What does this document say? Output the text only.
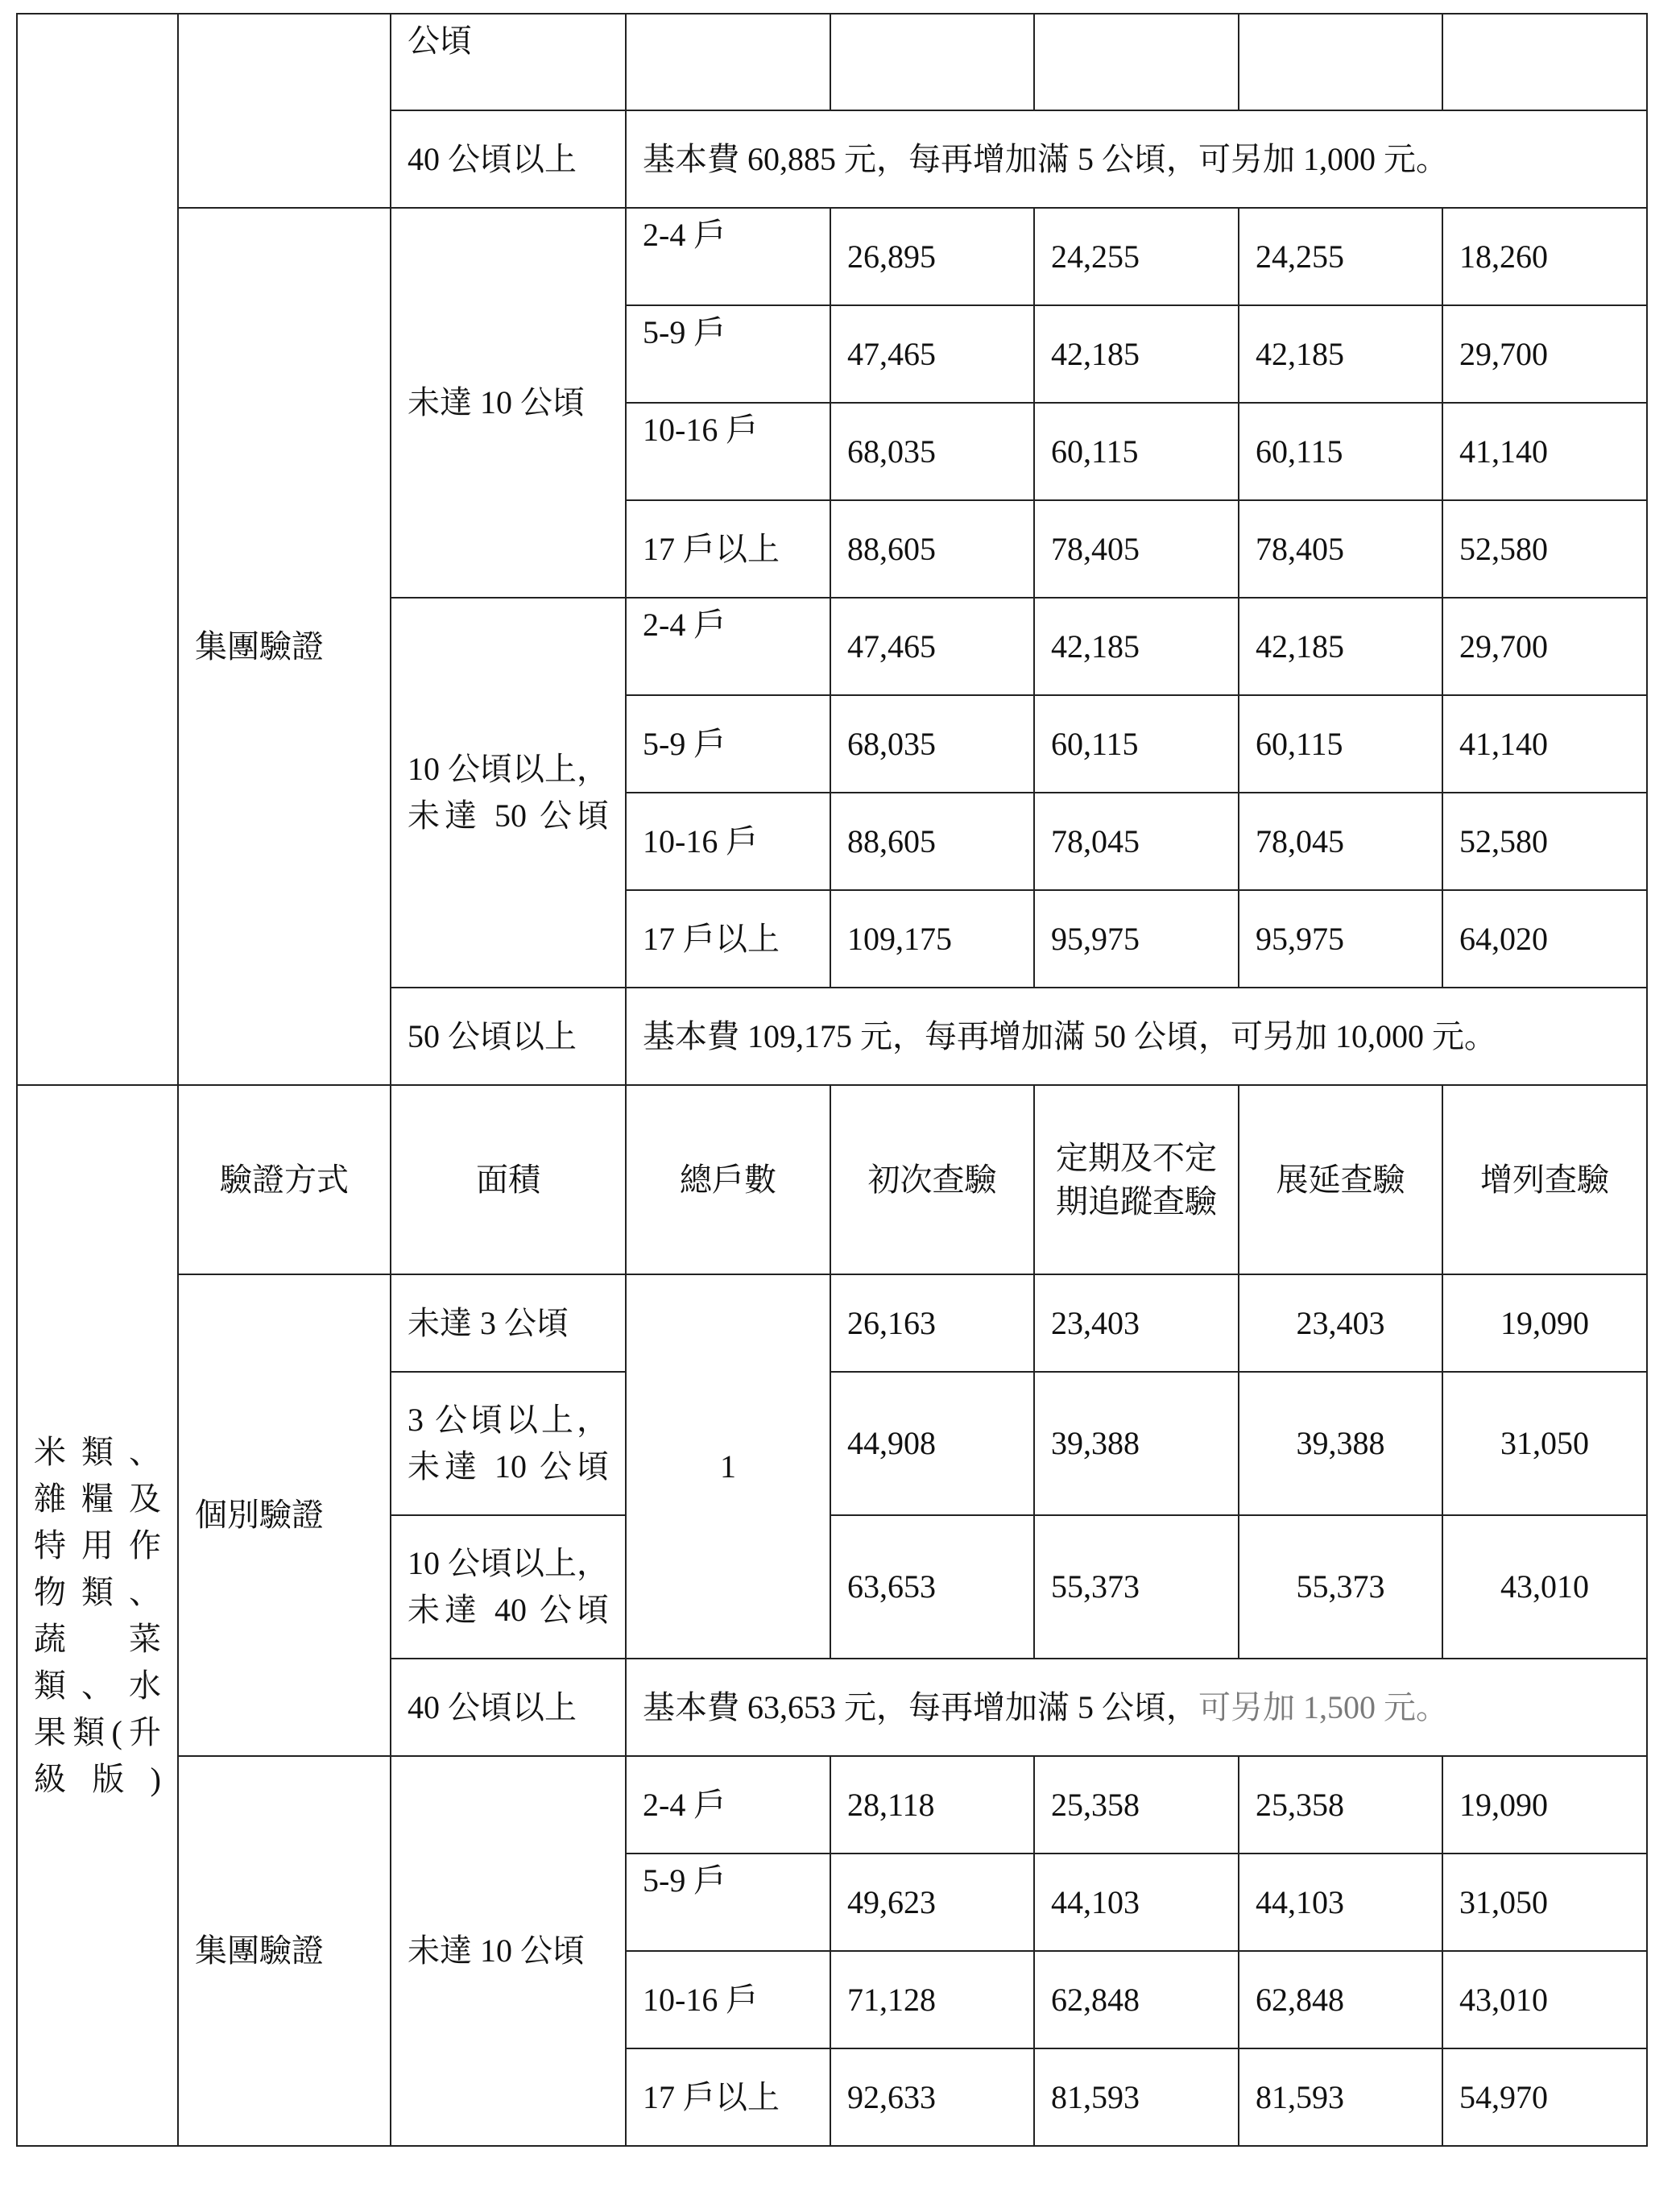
		公頃					
		40 公頃以上	基本費 60,885 元，每再增加滿 5 公頃，可另加 1,000 元。				
	集團驗證	未達 10 公頃	2-4 戶	26,895	24,255	24,255	18,260
			5-9 戶	47,465	42,185	42,185	29,700
			10-16 戶	68,035	60,115	60,115	41,140
			17 戶以上	88,605	78,405	78,405	52,580
		10 公頃以上，未達 50 公頃	2-4 戶	47,465	42,185	42,185	29,700
			5-9 戶	68,035	60,115	60,115	41,140
			10-16 戶	88,605	78,045	78,045	52,580
			17 戶以上	109,175	95,975	95,975	64,020
		50 公頃以上	基本費 109,175 元，每再增加滿 50 公頃，可另加 10,000 元。				
米類、雜糧及特用作物類、蔬菜類、水果類(升級版)	驗證方式	面積	總戶數	初次查驗	定期及不定期追蹤查驗	展延查驗	增列查驗
	個別驗證	未達 3 公頃	1	26,163	23,403	23,403	19,090
		3 公頃以上，未達 10 公頃		44,908	39,388	39,388	31,050
		10 公頃以上，未達 40 公頃		63,653	55,373	55,373	43,010
		40 公頃以上	基本費 63,653 元，每再增加滿 5 公頃，可另加 1,500 元。				
	集團驗證	未達 10 公頃	2-4 戶	28,118	25,358	25,358	19,090
			5-9 戶	49,623	44,103	44,103	31,050
			10-16 戶	71,128	62,848	62,848	43,010
			17 戶以上	92,633	81,593	81,593	54,970
